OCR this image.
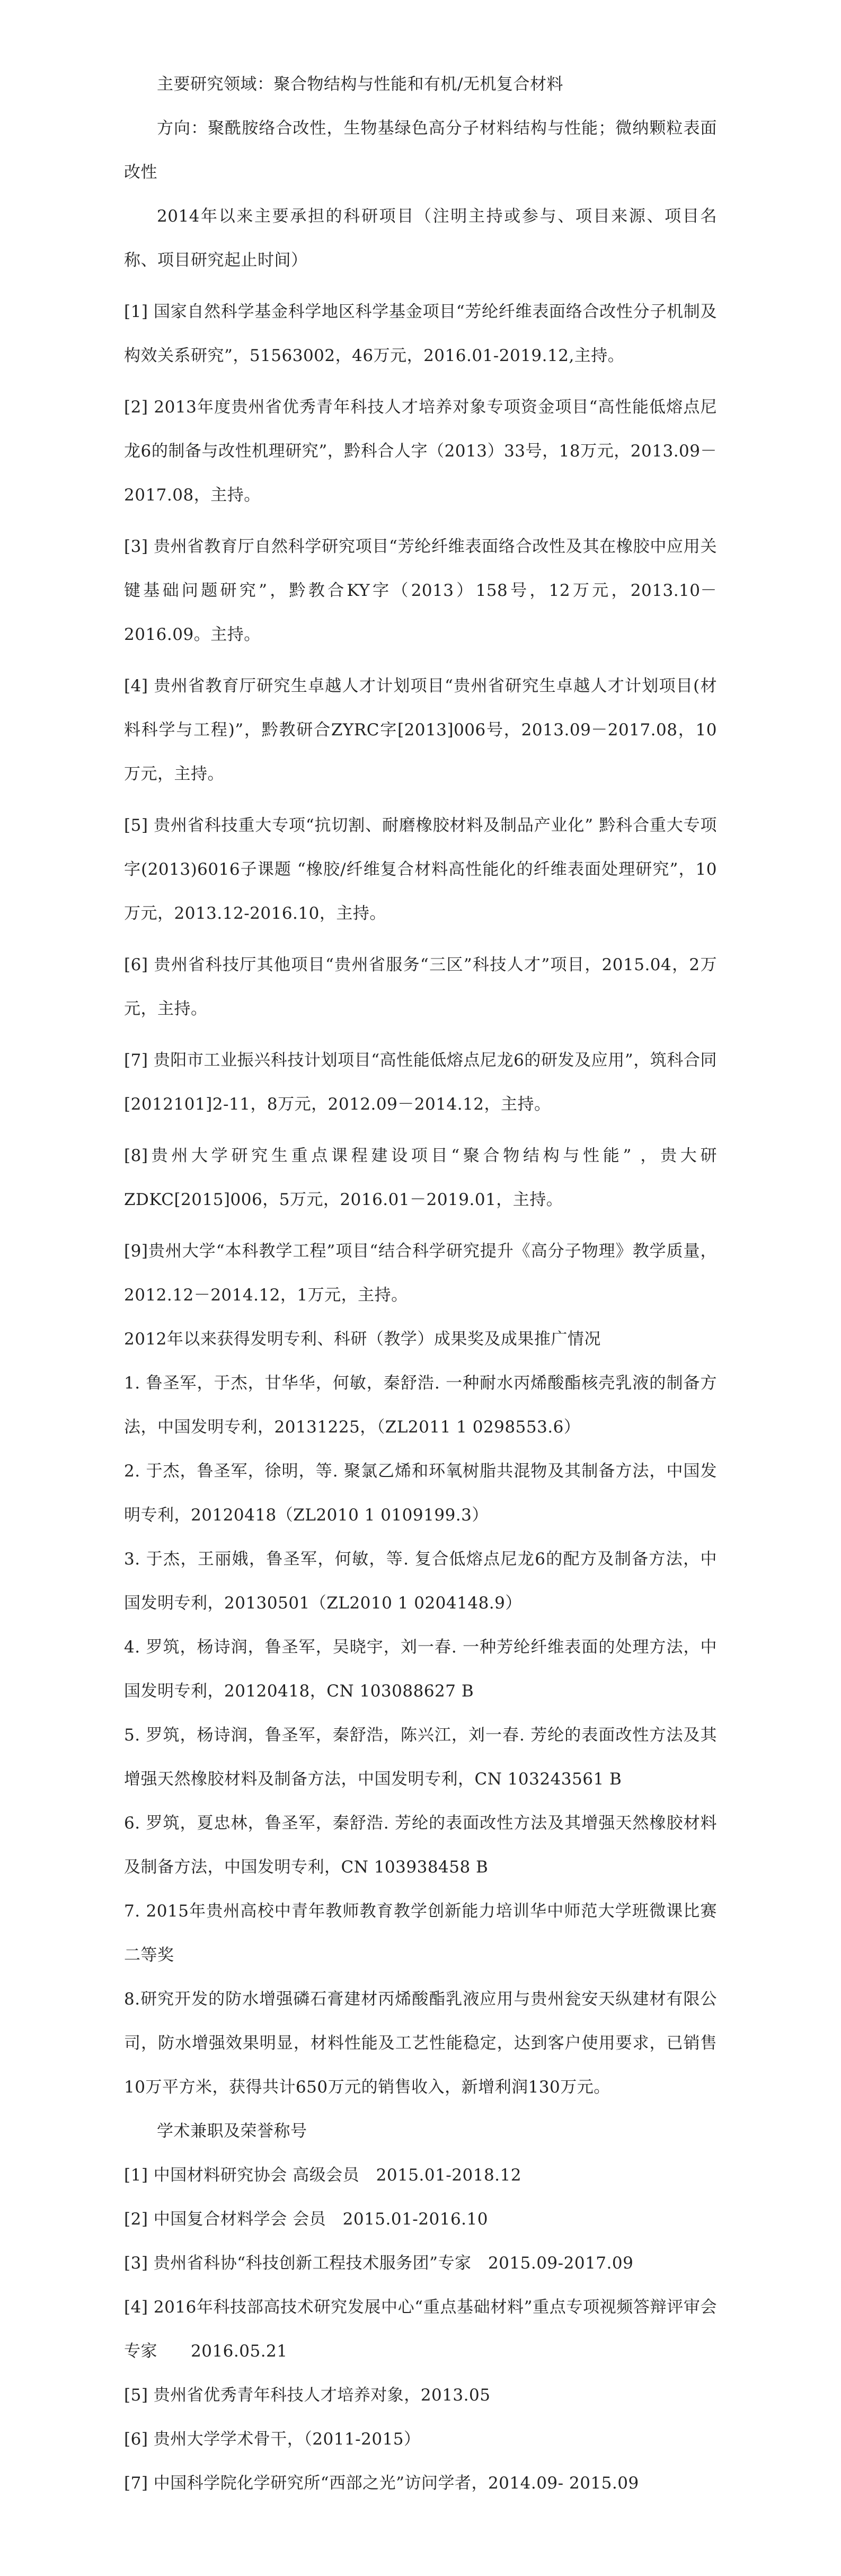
主要研究领域：聚合物结构与性能和有机/无机复合材料

方向：聚酰胺络合改性，生物基绿色高分子材料结构与性能；微纳颗粒表面改性

2014年以来主要承担的科研项目（注明主持或参与、项目来源、项目名称、项目研究起止时间）

[1] 国家自然科学基金科学地区科学基金项目“芳纶纤维表面络合改性分子机制及构效关系研究”，51563002，46万元，2016.01-2019.12,主持。

[2] 2013年度贵州省优秀青年科技人才培养对象专项资金项目“高性能低熔点尼龙6的制备与改性机理研究”，黔科合人字（2013）33号，18万元，2013.09－2017.08，主持。

[3] 贵州省教育厅自然科学研究项目“芳纶纤维表面络合改性及其在橡胶中应用关键基础问题研究”，黔教合KY字（2013）158号，12万元，2013.10－2016.09。主持。

[4] 贵州省教育厅研究生卓越人才计划项目“贵州省研究生卓越人才计划项目(材料科学与工程)”，黔教研合ZYRC字[2013]006号，2013.09－2017.08，10万元，主持。

[5] 贵州省科技重大专项“抗切割、耐磨橡胶材料及制品产业化” 黔科合重大专项字(2013)6016子课题 “橡胶/纤维复合材料高性能化的纤维表面处理研究”，10万元，2013.12-2016.10，主持。

[6] 贵州省科技厅其他项目“贵州省服务“三区”科技人才”项目，2015.04，2万元，主持。

[7] 贵阳市工业振兴科技计划项目“高性能低熔点尼龙6的研发及应用”，筑科合同[2012101]2-11，8万元，2012.09－2014.12，主持。

[8]贵州大学研究生重点课程建设项目“聚合物结构与性能” ，贵大研ZDKC[2015]006，5万元，2016.01－2019.01，主持。

[9]贵州大学“本科教学工程”项目“结合科学研究提升《高分子物理》教学质量，2012.12－2014.12，1万元，主持。

2012年以来获得发明专利、科研（教学）成果奖及成果推广情况

1. 鲁圣军，于杰，甘华华，何敏，秦舒浩. 一种耐水丙烯酸酯核壳乳液的制备方法，中国发明专利，20131225，（ZL2011 1 0298553.6）

2. 于杰，鲁圣军，徐明，等. 聚氯乙烯和环氧树脂共混物及其制备方法，中国发明专利，20120418（ZL2010 1 0109199.3）

3. 于杰，王丽娥，鲁圣军，何敏，等. 复合低熔点尼龙6的配方及制备方法，中国发明专利，20130501（ZL2010 1 0204148.9）

4. 罗筑，杨诗润，鲁圣军，吴晓宇，刘一春. 一种芳纶纤维表面的处理方法，中国发明专利，20120418，CN 103088627 B

5. 罗筑，杨诗润，鲁圣军，秦舒浩，陈兴江，刘一春. 芳纶的表面改性方法及其增强天然橡胶材料及制备方法，中国发明专利，CN 103243561 B

6. 罗筑，夏忠林，鲁圣军，秦舒浩. 芳纶的表面改性方法及其增强天然橡胶材料及制备方法，中国发明专利，CN 103938458 B

7. 2015年贵州高校中青年教师教育教学创新能力培训华中师范大学班微课比赛二等奖

8.研究开发的防水增强磷石膏建材丙烯酸酯乳液应用与贵州瓮安天纵建材有限公司，防水增强效果明显，材料性能及工艺性能稳定，达到客户使用要求，已销售10万平方米，获得共计650万元的销售收入，新增利润130万元。

学术兼职及荣誉称号

[1] 中国材料研究协会 高级会员　2015.01-2018.12

[2] 中国复合材料学会 会员　2015.01-2016.10

[3] 贵州省科协“科技创新工程技术服务团”专家　2015.09-2017.09

[4] 2016年科技部高技术研究发展中心“重点基础材料”重点专项视频答辩评审会专家　　2016.05.21

[5] 贵州省优秀青年科技人才培养对象，2013.05

[6] 贵州大学学术骨干，（2011-2015）

[7] 中国科学院化学研究所“西部之光”访问学者，2014.09- 2015.09
